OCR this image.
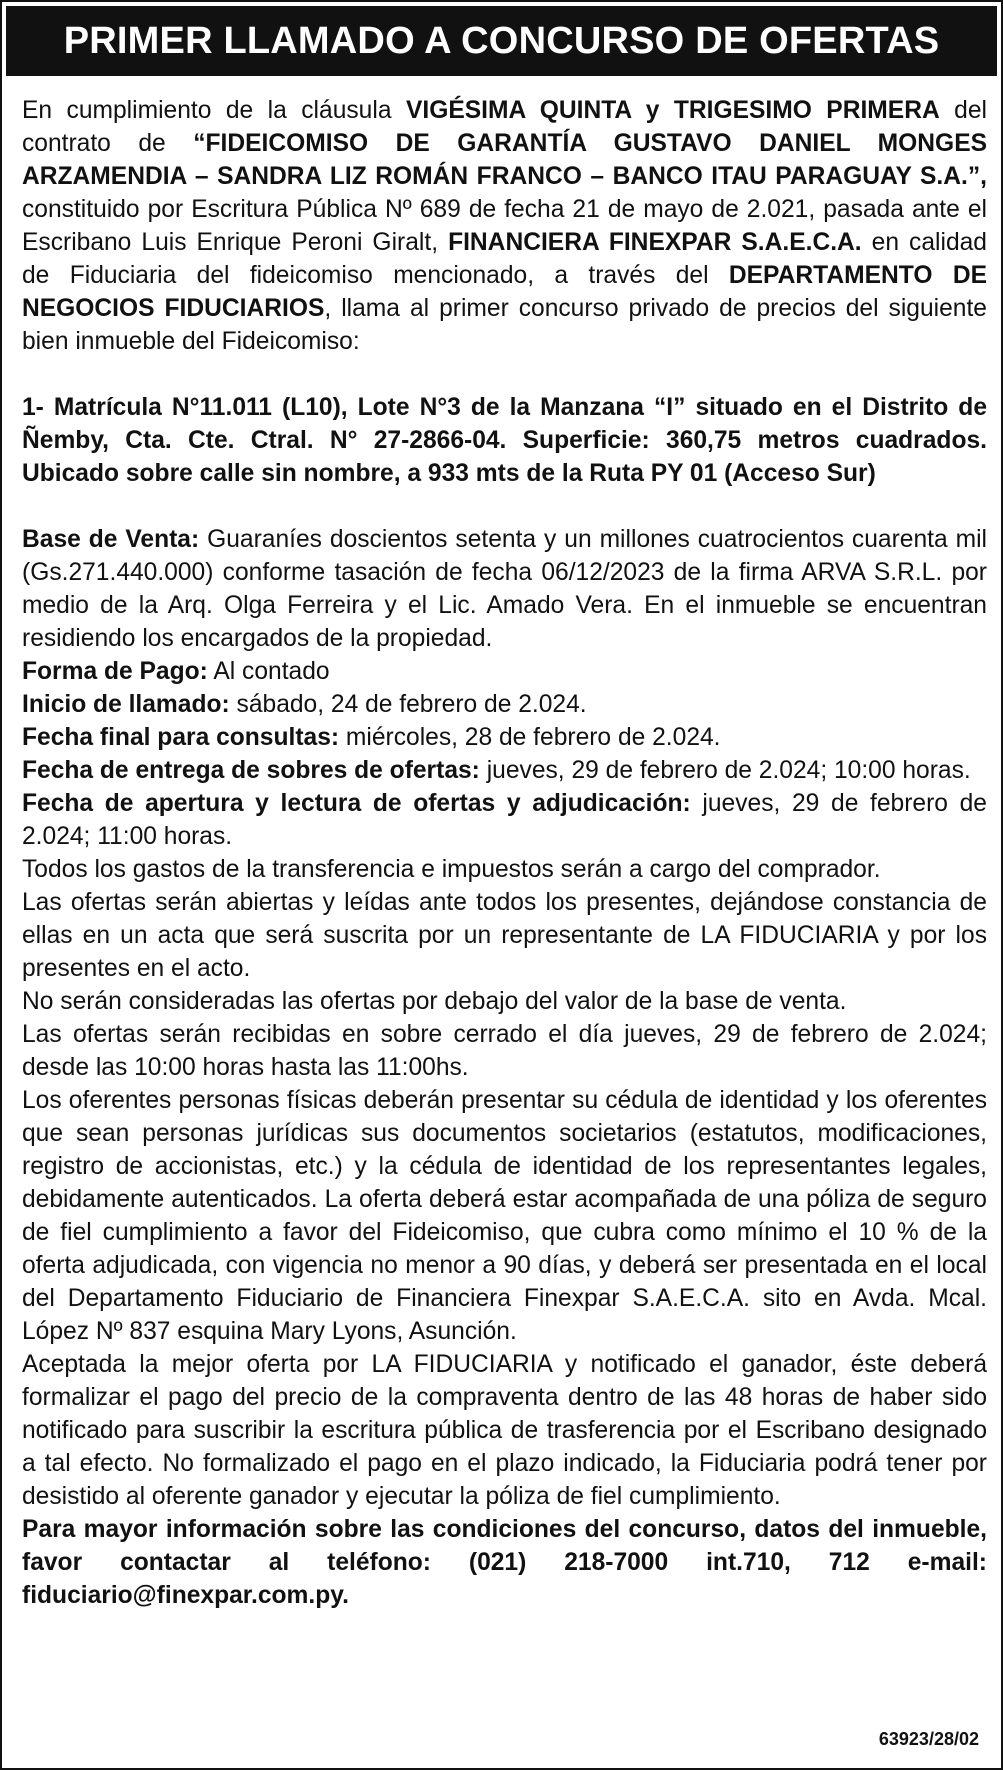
PRIMER LLAMADO A CONCURSO DE OFERTAS

En cumplimiento de la cláusula VIGÉSIMA QUINTA y TRIGESIMO PRIMERA del contrato de “FIDEICOMISO DE GARANTÍA GUSTAVO DANIEL MONGES ARZAMENDIA – SANDRA LIZ ROMÁN FRANCO – BANCO ITAU PARAGUAY S.A.”, constituido por Escritura Pública Nº 689 de fecha 21 de mayo de 2.021, pasada ante el Escribano Luis Enrique Peroni Giralt, FINANCIERA FINEXPAR S.A.E.C.A. en calidad de Fiduciaria del fideicomiso mencionado, a través del DEPARTAMENTO DE NEGOCIOS FIDUCIARIOS, llama al primer concurso privado de precios del siguiente bien inmueble del Fideicomiso:

1- Matrícula N°11.011 (L10), Lote N°3 de la Manzana “I” situado en el Distrito de Ñemby, Cta. Cte. Ctral. N° 27-2866-04. Superficie: 360,75 metros cuadrados. Ubicado sobre calle sin nombre, a 933 mts de la Ruta PY 01 (Acceso Sur)

Base de Venta: Guaraníes doscientos setenta y un millones cuatrocientos cuarenta mil (Gs.271.440.000) conforme tasación de fecha 06/12/2023 de la firma ARVA S.R.L. por medio de la Arq. Olga Ferreira y el Lic. Amado Vera. En el inmueble se encuentran residiendo los encargados de la propiedad.

Forma de Pago: Al contado

Inicio de llamado: sábado, 24 de febrero de 2.024.

Fecha final para consultas: miércoles, 28 de febrero de 2.024.

Fecha de entrega de sobres de ofertas: jueves, 29 de febrero de 2.024; 10:00 horas.

Fecha de apertura y lectura de ofertas y adjudicación: jueves, 29 de febrero de 2.024; 11:00 horas.

Todos los gastos de la transferencia e impuestos serán a cargo del comprador.

Las ofertas serán abiertas y leídas ante todos los presentes, dejándose constancia de ellas en un acta que será suscrita por un representante de LA FIDUCIARIA y por los presentes en el acto.

No serán consideradas las ofertas por debajo del valor de la base de venta.

Las ofertas serán recibidas en sobre cerrado el día jueves, 29 de febrero de 2.024; desde las 10:00 horas hasta las 11:00hs.

Los oferentes personas físicas deberán presentar su cédula de identidad y los oferentes que sean personas jurídicas sus documentos societarios (estatutos, modificaciones, registro de accionistas, etc.) y la cédula de identidad de los representantes legales, debidamente autenticados. La oferta deberá estar acompañada de una póliza de seguro de fiel cumplimiento a favor del Fideicomiso, que cubra como mínimo el 10 % de la oferta adjudicada, con vigencia no menor a 90 días, y deberá ser presentada en el local del Departamento Fiduciario de Financiera Finexpar S.A.E.C.A. sito en Avda. Mcal. López Nº 837 esquina Mary Lyons, Asunción.

Aceptada la mejor oferta por LA FIDUCIARIA y notificado el ganador, éste deberá formalizar el pago del precio de la compraventa dentro de las 48 horas de haber sido notificado para suscribir la escritura pública de trasferencia por el Escribano designado a tal efecto. No formalizado el pago en el plazo indicado, la Fiduciaria podrá tener por desistido al oferente ganador y ejecutar la póliza de fiel cumplimiento.

Para mayor información sobre las condiciones del concurso, datos del inmueble, favor contactar al teléfono: (021) 218-7000 int.710, 712 e-mail: fiduciario@finexpar.com.py.

63923/28/02
